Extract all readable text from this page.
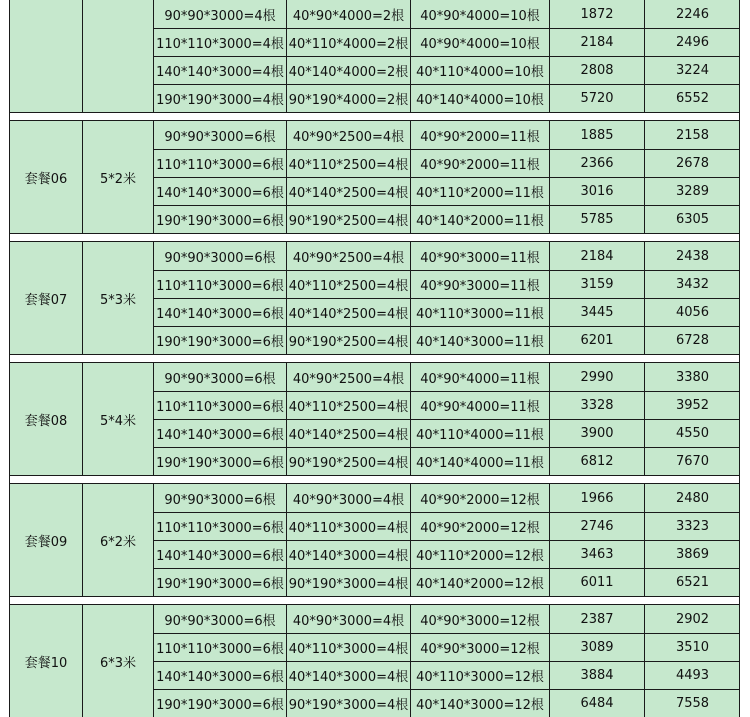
90*90*3000=4根	40*90*4000=2根	40*90*4000=10根	1872	2246
110*110*3000=4根 40*110*4000=2根 40*90*4000=10根	2184	2496
140*140*3000=4根 40*140*4000=2根 40*110*4000=10根	2808	3224
190*190*3000=4根 90*190*4000=2根 40*140*4000=10根	5720	6552
套餐06	5*2米
90*90*3000=6根	40*90*2500=4根	40*90*2000=11根	1885	2158
110*110*3000=6根 40*110*2500=4根 40*90*2000=11根	2366	2678
140*140*3000=6根 40*140*2500=4根 40*110*2000=11根	3016	3289
190*190*3000=6根 90*190*2500=4根 40*140*2000=11根	5785	6305
套餐07	5*3米
90*90*3000=6根	40*90*2500=4根	40*90*3000=11根	2184	2438
110*110*3000=6根 40*110*2500=4根 40*90*3000=11根	3159	3432
140*140*3000=6根 40*140*2500=4根 40*110*3000=11根	3445	4056
190*190*3000=6根 90*190*2500=4根 40*140*3000=11根	6201	6728
套餐08	5*4米
90*90*3000=6根	40*90*2500=4根	40*90*4000=11根	2990	3380
110*110*3000=6根 40*110*2500=4根 40*90*4000=11根	3328	3952
140*140*3000=6根 40*140*2500=4根 40*110*4000=11根	3900	4550
190*190*3000=6根 90*190*2500=4根 40*140*4000=11根	6812	7670
套餐09	6*2米
90*90*3000=6根	40*90*3000=4根	40*90*2000=12根	1966	2480
110*110*3000=6根 40*110*3000=4根 40*90*2000=12根	2746	3323
140*140*3000=6根 40*140*3000=4根 40*110*2000=12根	3463	3869
190*190*3000=6根 90*190*3000=4根 40*140*2000=12根	6011	6521
套餐10	6*3米
90*90*3000=6根	40*90*3000=4根	40*90*3000=12根	2387	2902
110*110*3000=6根 40*110*3000=4根 40*90*3000=12根	3089	3510
140*140*3000=6根 40*140*3000=4根 40*110*3000=12根	3884	4493
190*190*3000=6根 90*190*3000=4根 40*140*3000=12根	6484	7558
